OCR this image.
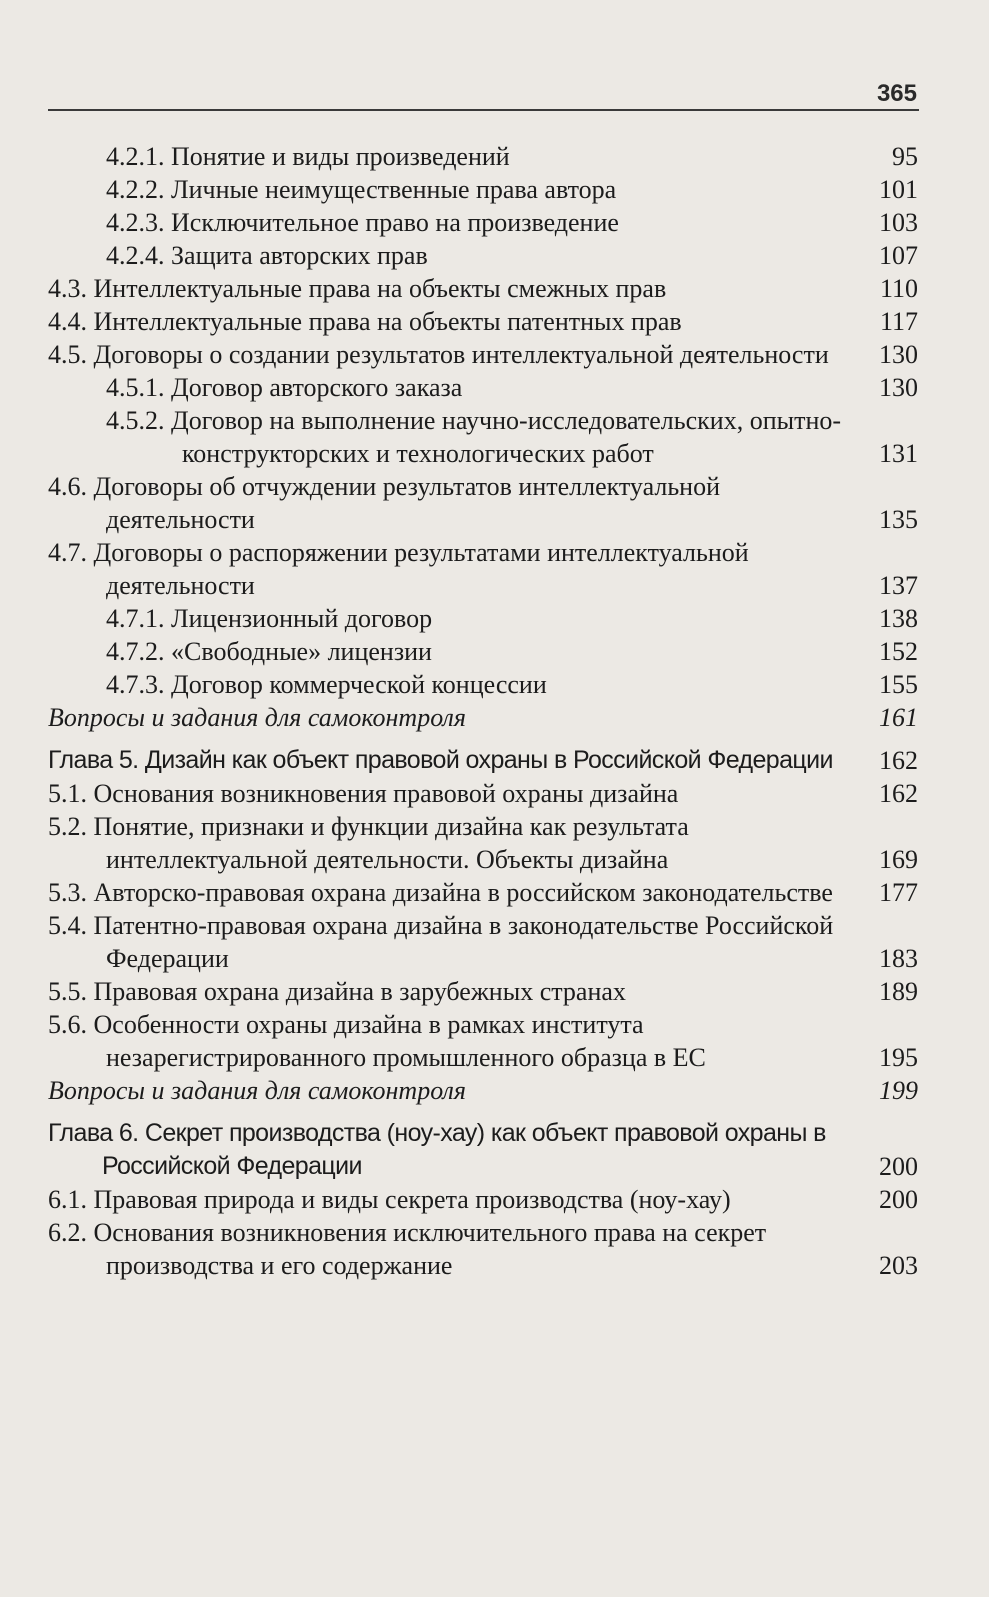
365
4.2.1. Понятие и виды произведений	95
4.2.2. Личные неимущественные права автора	101
4.2.3. Исключительное право на произведение	103
4.2.4. Защита авторских прав	107
4.3. Интеллектуальные права на объекты смежных прав	110
4.4. Интеллектуальные права на объекты патентных прав	117
4.5. Договоры о создании результатов интеллектуальной деятельности	130
4.5.1. Договор авторского заказа	130
4.5.2. Договор на выполнение научно-исследовательских, опытно-конструкторских и технологических работ	131
4.6. Договоры об отчуждении результатов интеллектуальной деятельности	135
4.7. Договоры о распоряжении результатами интеллектуальной деятельности	137
4.7.1. Лицензионный договор	138
4.7.2. «Свободные» лицензии	152
4.7.3. Договор коммерческой концессии	155
Вопросы и задания для самоконтроля	161
Глава 5. Дизайн как объект правовой охраны в Российской Федерации	162
5.1. Основания возникновения правовой охраны дизайна	162
5.2. Понятие, признаки и функции дизайна как результата интеллектуальной деятельности. Объекты дизайна	169
5.3. Авторско-правовая охрана дизайна в российском законодательстве	177
5.4. Патентно-правовая охрана дизайна в законодательстве Российской Федерации	183
5.5. Правовая охрана дизайна в зарубежных странах	189
5.6. Особенности охраны дизайна в рамках института незарегистрированного промышленного образца в ЕС	195
Вопросы и задания для самоконтроля	199
Глава 6. Секрет производства (ноу-хау) как объект правовой охраны в Российской Федерации	200
6.1. Правовая природа и виды секрета производства (ноу-хау)	200
6.2. Основания возникновения исключительного права на секрет производства и его содержание	203
